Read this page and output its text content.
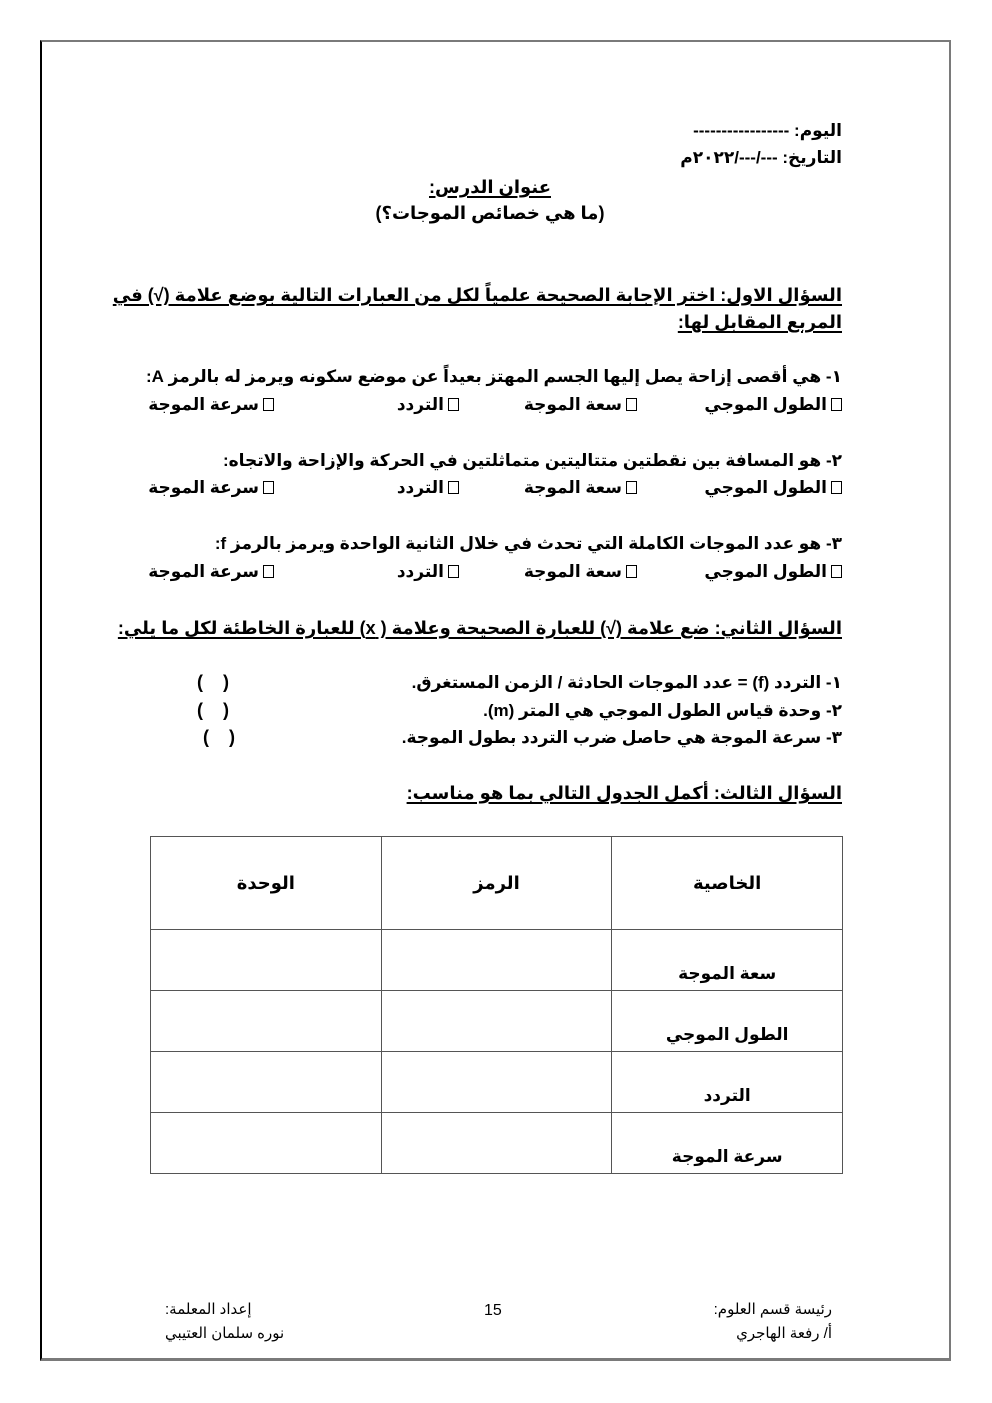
اليوم: -----------------
التاريخ: ---/---/٢٠٢٢م
عنوان الدرس:
(ما هي خصائص الموجات؟)
السؤال الاول: اختر الإجابة الصحيحة علمياً لكل من العبارات التالية بوضع علامة (√) في
المربع المقابل لها:
١- هي أقصى إزاحة يصل إليها الجسم المهتز بعيداً عن موضع سكونه ويرمز له بالرمز A:
الطول الموجي
سعة الموجة
التردد
سرعة الموجة
٢- هو المسافة بين نقطتين متتاليتين متماثلتين في الحركة والإزاحة والاتجاه:
الطول الموجي
سعة الموجة
التردد
سرعة الموجة
٣- هو عدد الموجات الكاملة التي تحدث في خلال الثانية الواحدة ويرمز بالرمز f:
الطول الموجي
سعة الموجة
التردد
سرعة الموجة
السؤال الثاني: ضع علامة (√) للعبارة الصحيحة وعلامة ( x) للعبارة الخاطئة لكل ما يلي:
١- التردد (f) = عدد الموجات الحادثة / الزمن المستغرق.
(    )
٢- وحدة قياس الطول الموجي هي المتر (m).
(    )
٣- سرعة الموجة هي حاصل ضرب التردد بطول الموجة.
(    )
السؤال الثالث: أكمل الجدول التالي بما هو مناسب:
الخاصية	الرمز	الوحدة
سعة الموجة		
الطول الموجي		
التردد		
سرعة الموجة		
رئيسة قسم العلوم:
أ/ رفعة الهاجري
15
إعداد المعلمة:
نوره سلمان العتيبي
